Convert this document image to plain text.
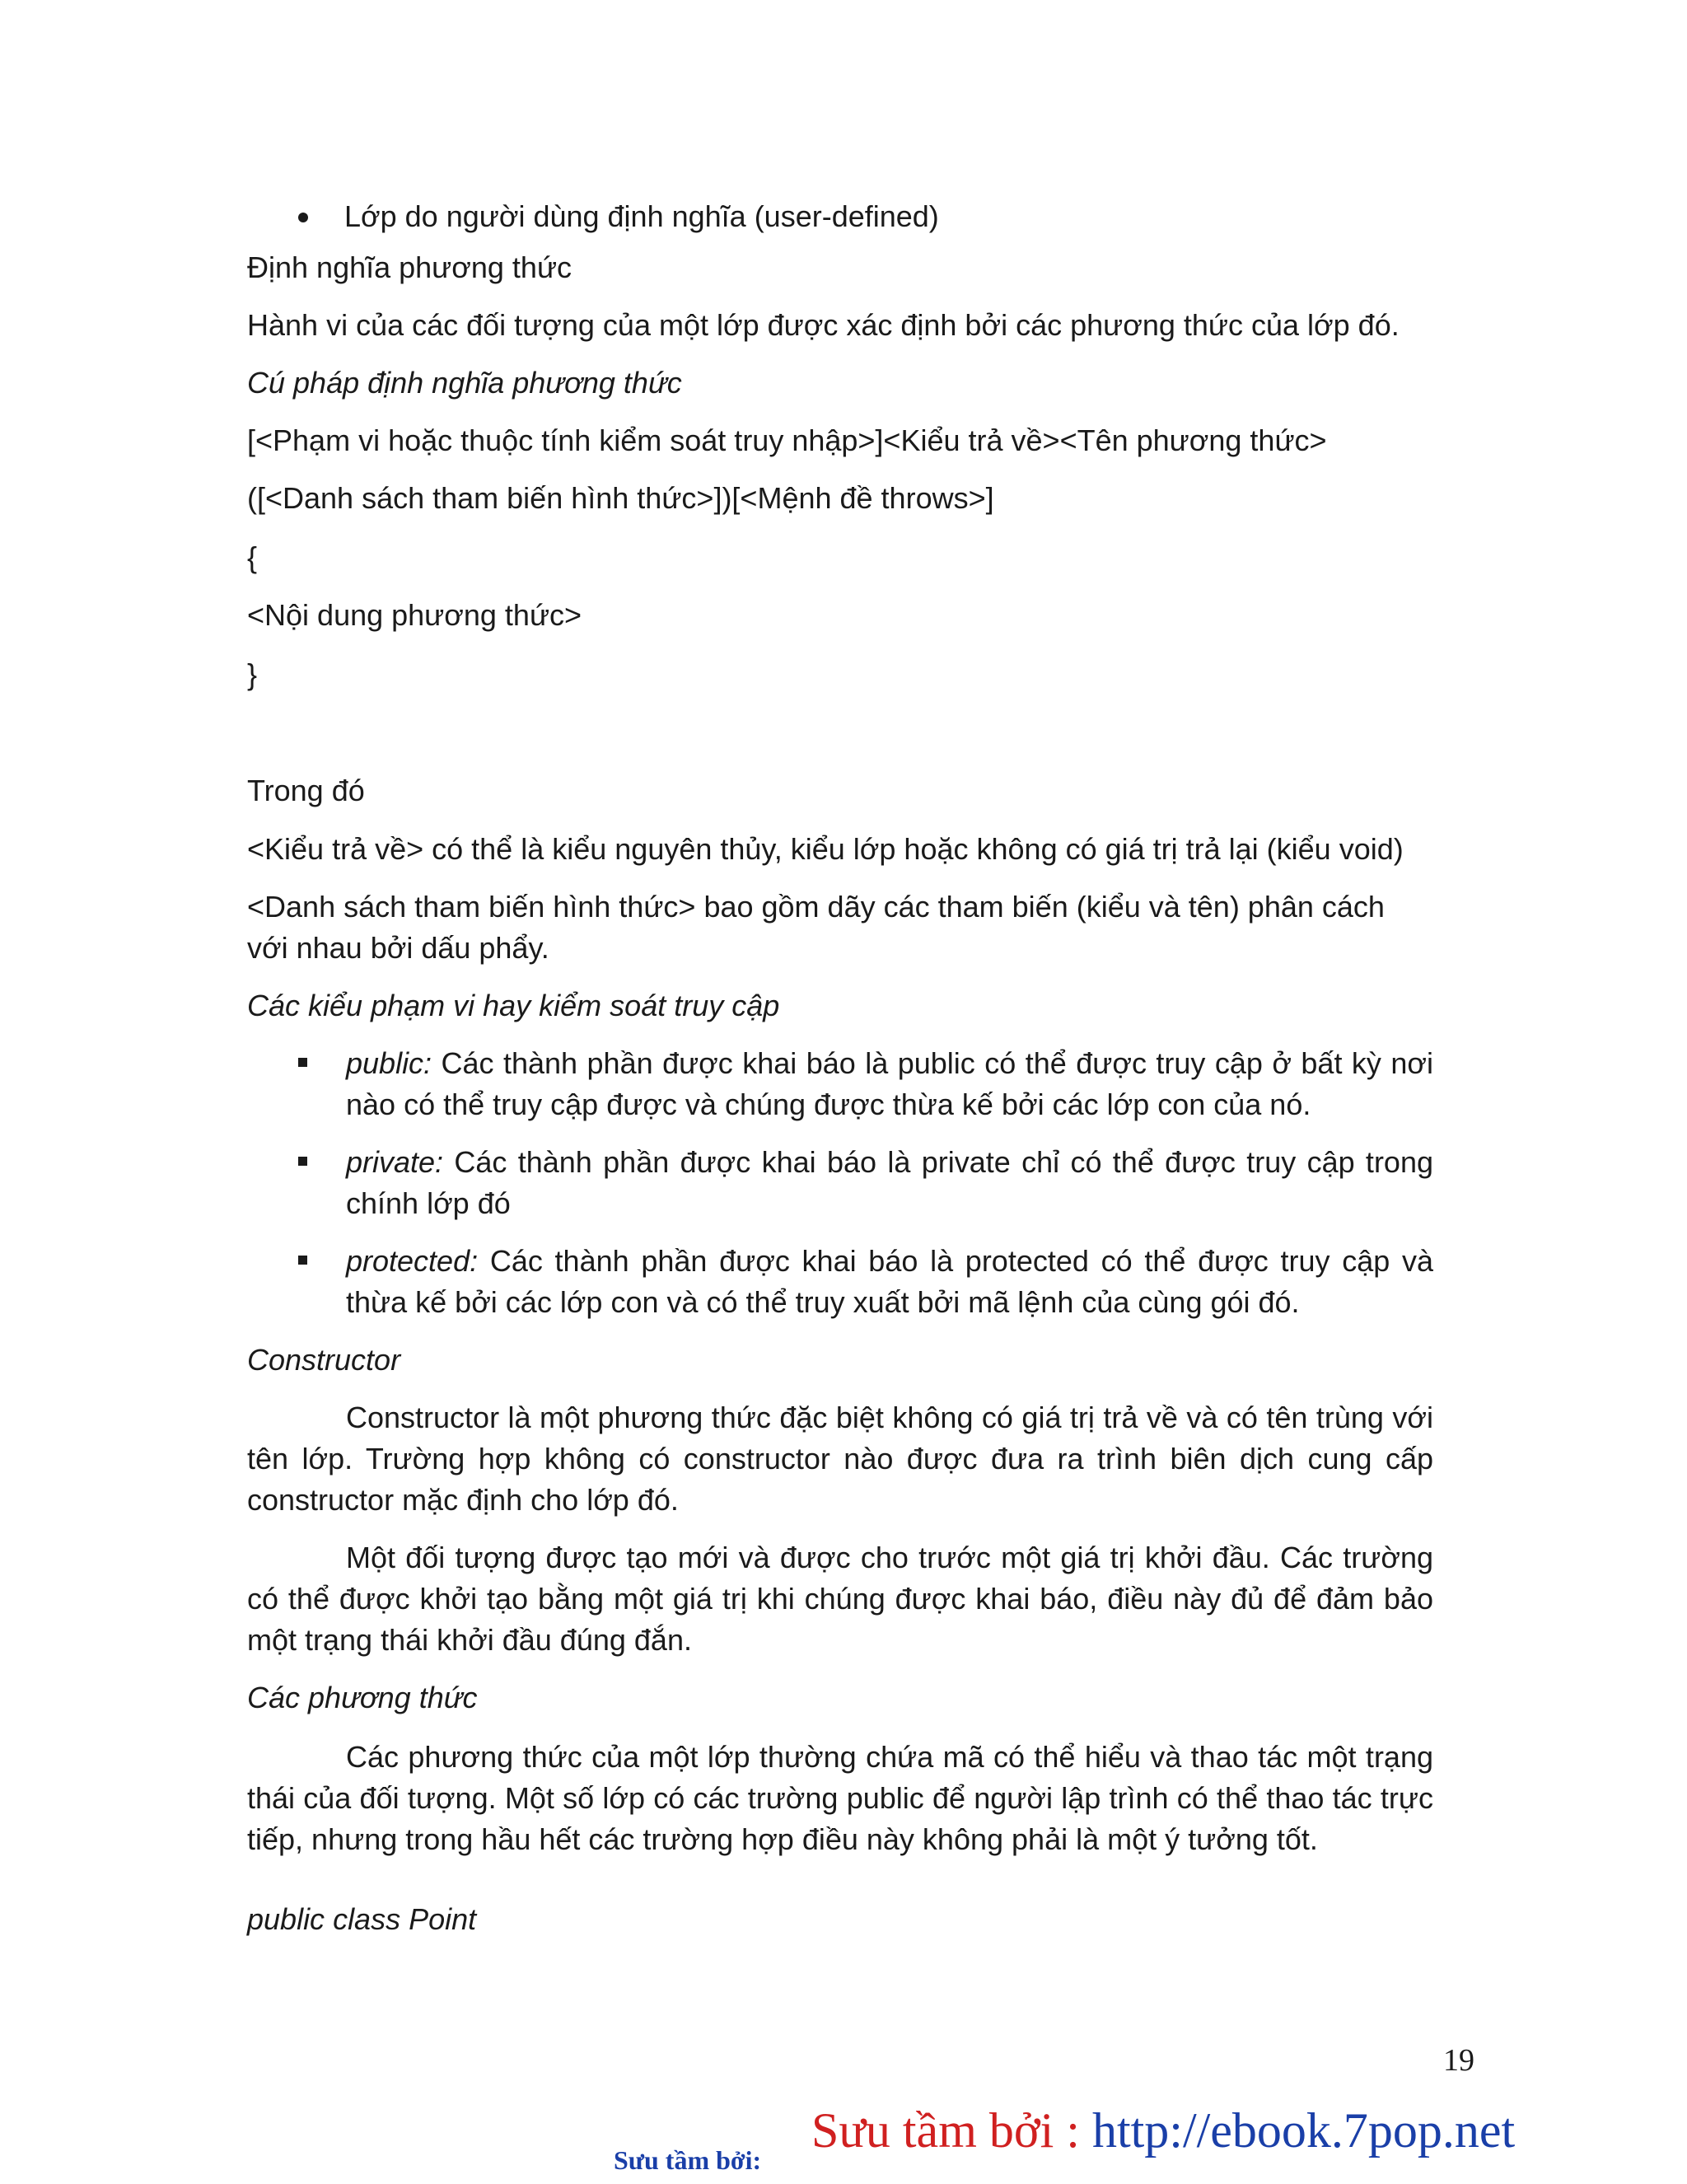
Lớp do người dùng định nghĩa (user-defined)
Định nghĩa phương thức
Hành vi của các đối tượng của một lớp được xác định bởi các phương thức của lớp đó.
Cú pháp định nghĩa phương thức
[<Phạm vi hoặc thuộc tính kiểm soát truy nhập>]<Kiểu trả về><Tên phương thức>
([<Danh sách tham biến hình thức>])[<Mệnh đề throws>]
{
<Nội dung phương thức>
}
Trong đó
<Kiểu trả về> có thể là kiểu nguyên thủy, kiểu lớp hoặc không có giá trị trả lại (kiểu void)
<Danh sách tham biến hình thức> bao gồm dãy các tham biến (kiểu và tên) phân cách với nhau bởi dấu phẩy.
Các kiểu phạm vi hay kiểm soát truy cập
public: Các thành phần được khai báo là public có thể được truy cập ở bất kỳ nơi nào có thể truy cập được và chúng được thừa kế bởi các lớp con của nó.
private: Các thành phần được khai báo là private chỉ có thể được truy cập trong chính lớp đó
protected: Các thành phần được khai báo là protected có thể được truy cập và thừa kế bởi các lớp con và có thể truy xuất bởi mã lệnh của cùng gói đó.
Constructor
Constructor là một phương thức đặc biệt không có giá trị trả về và có tên trùng với tên lớp. Trường hợp không có constructor nào được đưa ra trình biên dịch cung cấp constructor mặc định cho lớp đó.
Một đối tượng được tạo mới và được cho trước một giá trị khởi đầu. Các trường có thể được khởi tạo bằng một giá trị khi chúng được khai báo, điều này đủ để đảm bảo một trạng thái khởi đầu đúng đắn.
Các phương thức
Các phương thức của một lớp thường chứa mã có thể hiểu và thao tác một trạng thái của đối tượng. Một số lớp có các trường public để người lập trình có thể thao tác trực tiếp, nhưng trong hầu hết các trường hợp điều này không phải là một ý tưởng tốt.
public class Point
19
Sưu tầm bởi:
Sưu tầm bởi : http://ebook.7pop.net
